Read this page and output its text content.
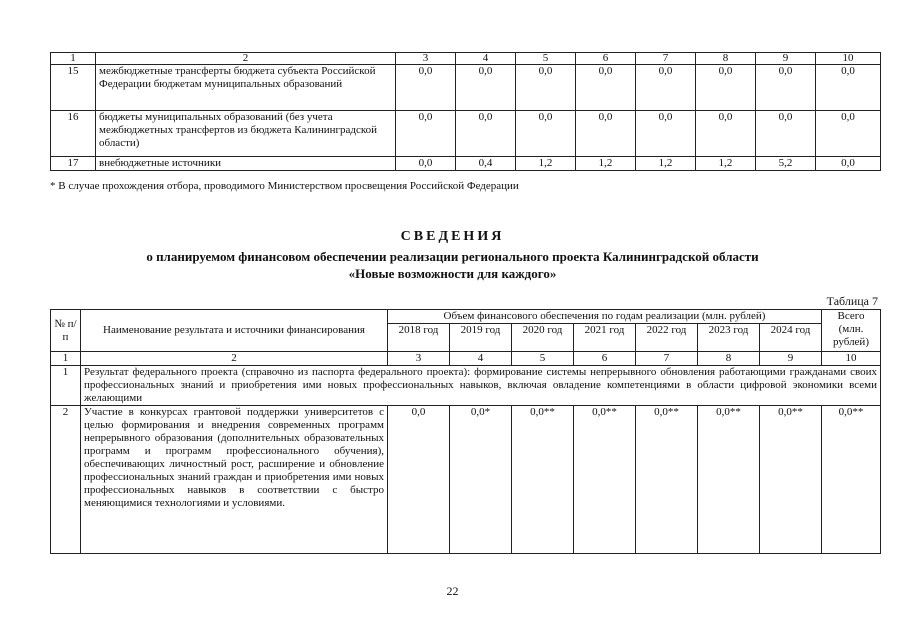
1	2	3	4	5	6	7	8	9	10
15	межбюджетные трансферты бюджета субъекта Российской Федерации бюджетам муниципальных образований	0,0	0,0	0,0	0,0	0,0	0,0	0,0	0,0
16	бюджеты муниципальных образований (без учета межбюджетных трансфертов из бюджета Калининградской области)	0,0	0,0	0,0	0,0	0,0	0,0	0,0	0,0
17	внебюджетные источники	0,0	0,4	1,2	1,2	1,2	1,2	5,2	0,0
* В случае прохождения отбора, проводимого Министерством просвещения Российской Федерации
СВЕДЕНИЯ
о планируемом финансовом обеспечении реализации регионального проекта Калининградской области
«Новые возможности для каждого»
Таблица 7
№ п/п	Наименование результата и источники финансирования	Объем финансового обеспечения по годам реализации (млн. рублей)							Всего (млн. рублей)
		2018 год	2019 год	2020 год	2021 год	2022 год	2023 год	2024 год	
1	2	3	4	5	6	7	8	9	10
1	Результат федерального проекта (справочно из паспорта федерального проекта): формирование системы непрерывного обновления работающими гражданами своих профессиональных знаний и приобретения ими новых профессиональных навыков, включая овладение компетенциями в области цифровой экономики всеми желающими								
2	Участие в конкурсах грантовой поддержки университетов с целью формирования и внедрения современных программ непрерывного образования (дополнительных образовательных программ и программ профессионального обучения), обеспечивающих личностный рост, расширение и обновление профессиональных знаний граждан и приобретения ими новых профессиональных навыков в соответствии с быстро меняющимися технологиями и условиями.	0,0	0,0*	0,0**	0,0**	0,0**	0,0**	0,0**	0,0**
22
